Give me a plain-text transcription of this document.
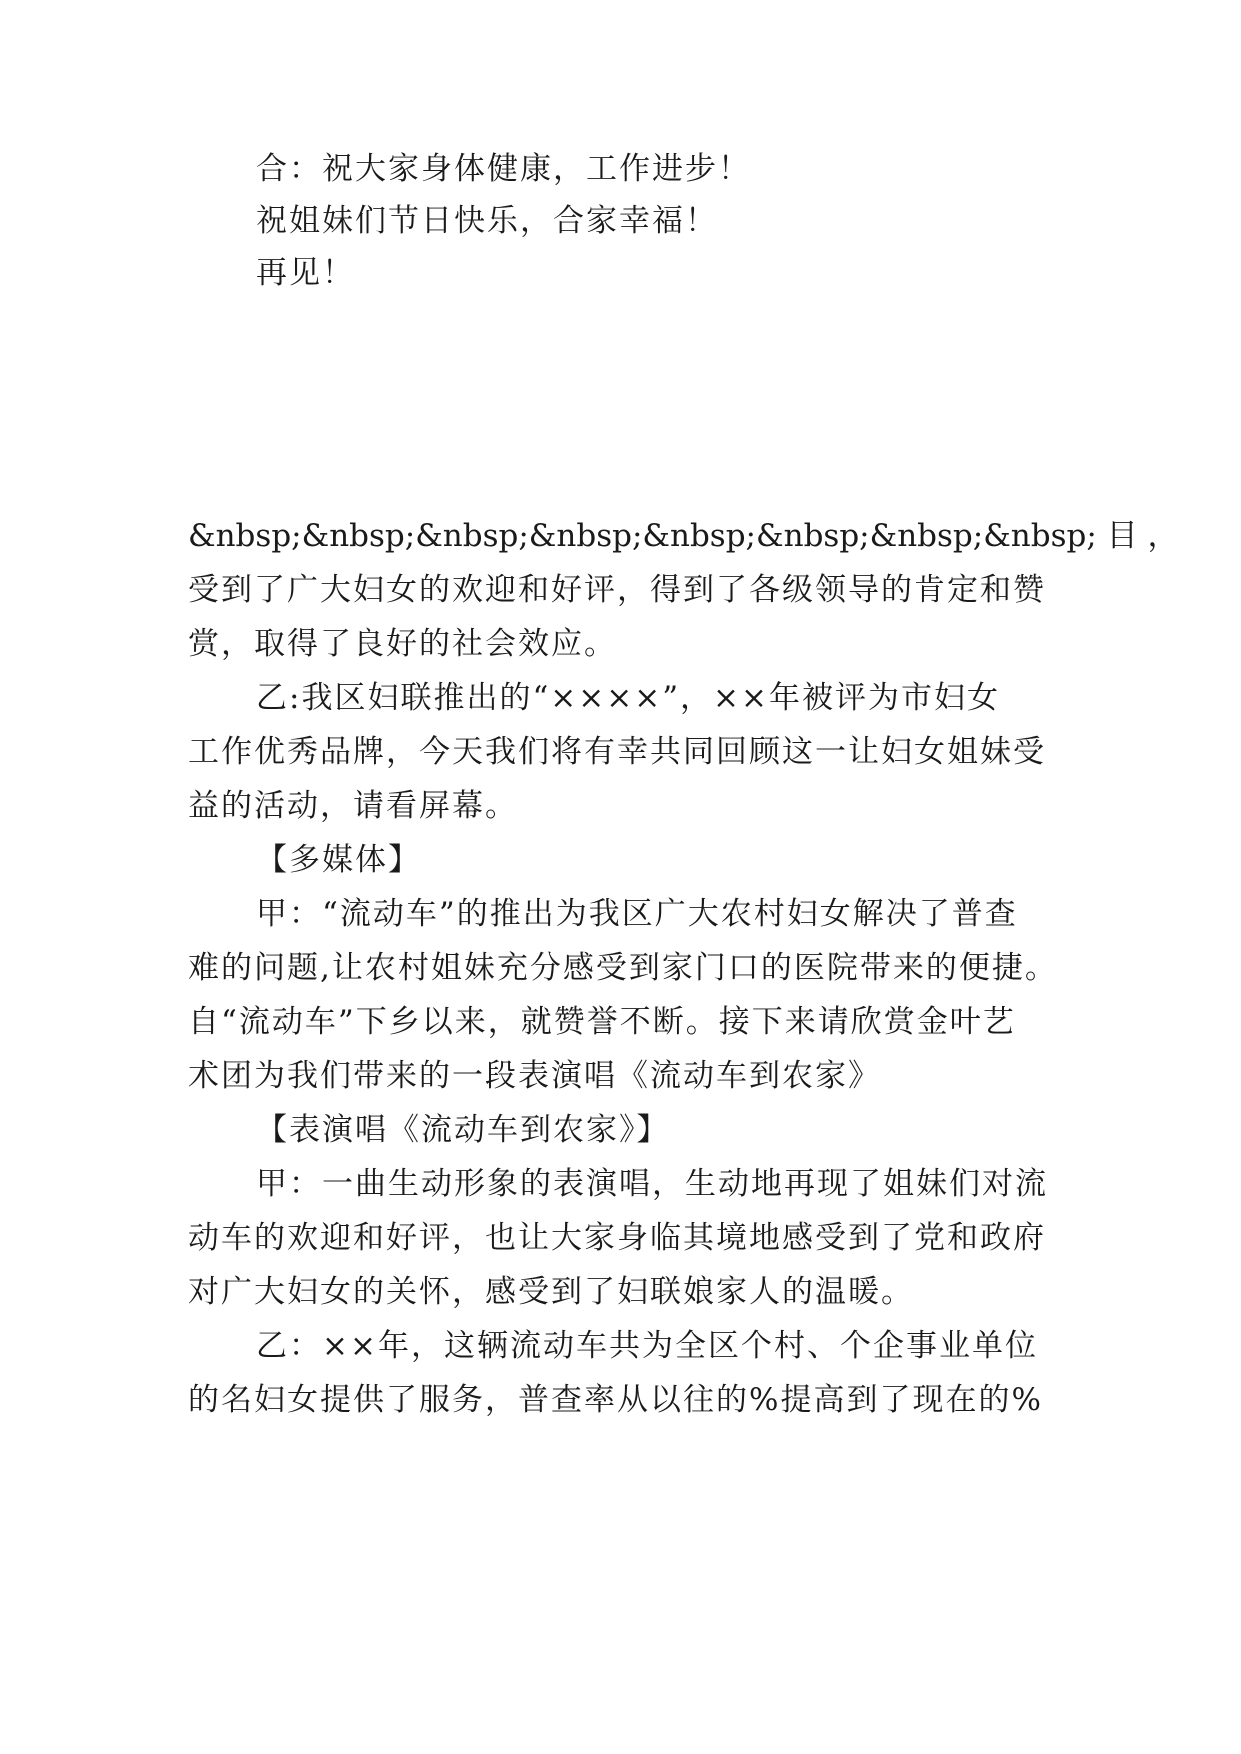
合：祝大家身体健康，工作进步！
祝姐妹们节日快乐，合家幸福！
再见！
&nbsp;&nbsp;&nbsp;&nbsp;&nbsp;&nbsp;&nbsp;&nbsp; 目 ，
受到了广大妇女的欢迎和好评，得到了各级领导的肯定和赞
赏，取得了良好的社会效应。
乙:我区妇联推出的“××××”，××年被评为市妇女
工作优秀品牌，今天我们将有幸共同回顾这一让妇女姐妹受
益的活动，请看屏幕。
【多媒体】
甲：“流动车”的推出为我区广大农村妇女解决了普查
难的问题,让农村姐妹充分感受到家门口的医院带来的便捷。
自“流动车”下乡以来，就赞誉不断。接下来请欣赏金叶艺
术团为我们带来的一段表演唱《流动车到农家》
【表演唱《流动车到农家》】
甲：一曲生动形象的表演唱，生动地再现了姐妹们对流
动车的欢迎和好评，也让大家身临其境地感受到了党和政府
对广大妇女的关怀，感受到了妇联娘家人的温暖。
乙：××年，这辆流动车共为全区个村、个企事业单位
的名妇女提供了服务，普查率从以往的%提高到了现在的%
